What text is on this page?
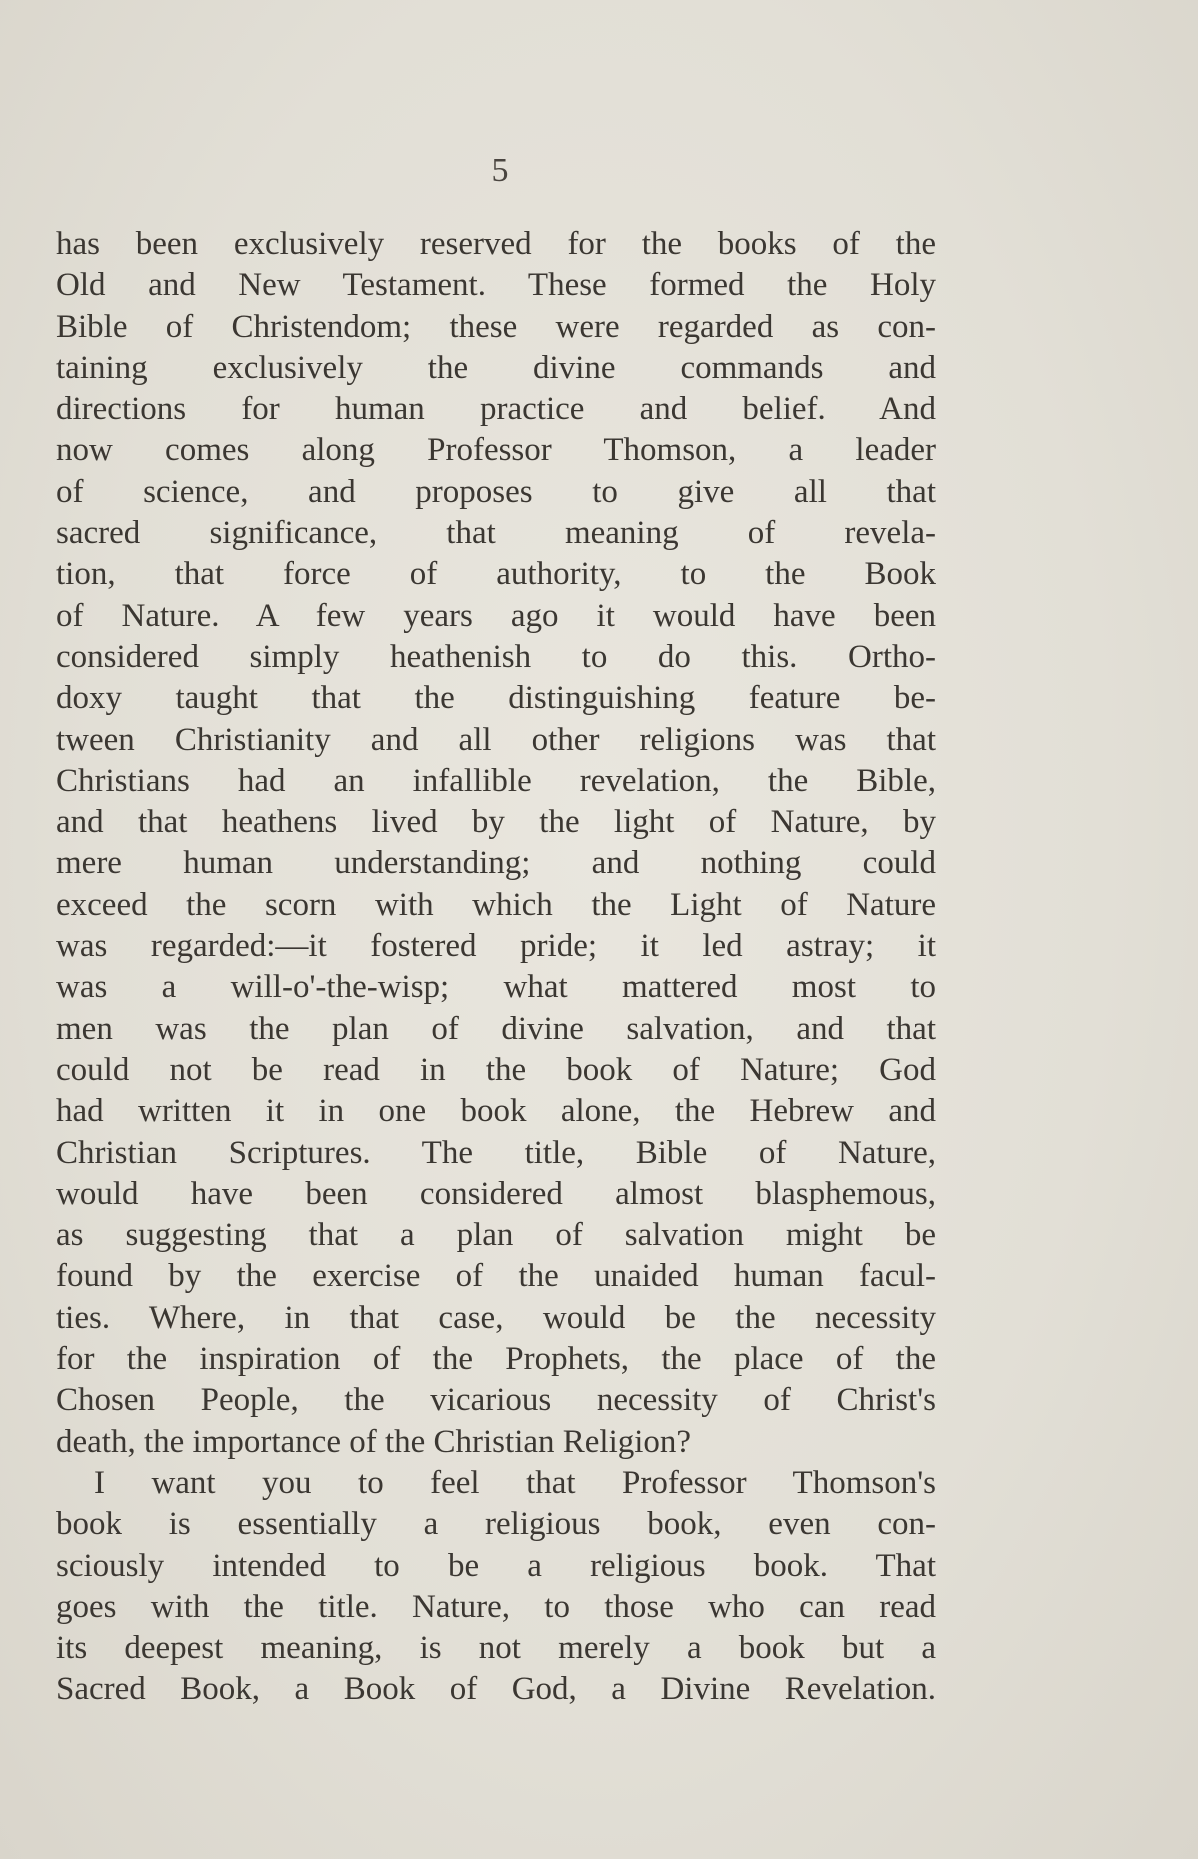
5
has been exclusively reserved for the books of the
Old and New Testament. These formed the Holy
Bible of Christendom; these were regarded as con-
taining exclusively the divine commands and
directions for human practice and belief. And
now comes along Professor Thomson, a leader
of science, and proposes to give all that
sacred significance, that meaning of revela-
tion, that force of authority, to the Book
of Nature. A few years ago it would have been
considered simply heathenish to do this. Ortho-
doxy taught that the distinguishing feature be-
tween Christianity and all other religions was that
Christians had an infallible revelation, the Bible,
and that heathens lived by the light of Nature, by
mere human understanding; and nothing could
exceed the scorn with which the Light of Nature
was regarded:—it fostered pride; it led astray; it
was a will-o'-the-wisp; what mattered most to
men was the plan of divine salvation, and that
could not be read in the book of Nature; God
had written it in one book alone, the Hebrew and
Christian Scriptures. The title, Bible of Nature,
would have been considered almost blasphemous,
as suggesting that a plan of salvation might be
found by the exercise of the unaided human facul-
ties. Where, in that case, would be the necessity
for the inspiration of the Prophets, the place of the
Chosen People, the vicarious necessity of Christ's
death, the importance of the Christian Religion?
I want you to feel that Professor Thomson's
book is essentially a religious book, even con-
sciously intended to be a religious book. That
goes with the title. Nature, to those who can read
its deepest meaning, is not merely a book but a
Sacred Book, a Book of God, a Divine Revelation.
